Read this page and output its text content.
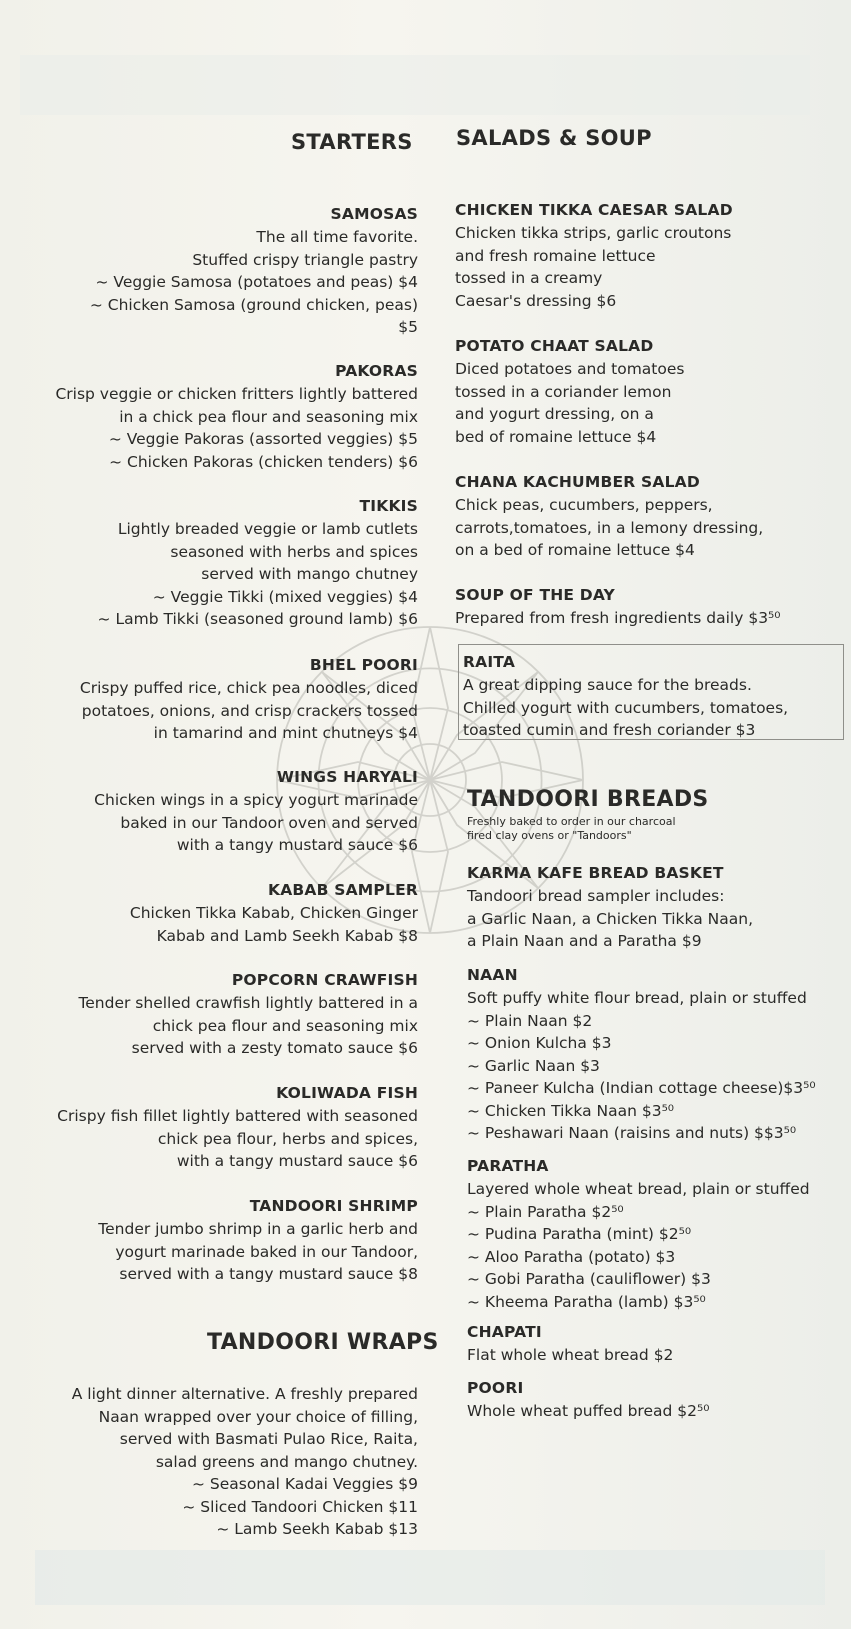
STARTERS SALADS & SOUP
SAMOSAS
The all time favorite.
Stuffed crispy triangle pastry
~ Veggie Samosa (potatoes and peas) $4
~ Chicken Samosa (ground chicken, peas)
$5
PAKORAS
Crisp veggie or chicken fritters lightly battered
in a chick pea flour and seasoning mix
~ Veggie Pakoras (assorted veggies) $5
~ Chicken Pakoras (chicken tenders) $6
TIKKIS
Lightly breaded veggie or lamb cutlets
seasoned with herbs and spices
served with mango chutney
~ Veggie Tikki (mixed veggies) $4
~ Lamb Tikki (seasoned ground lamb) $6
BHEL POORI
Crispy puffed rice, chick pea noodles, diced
potatoes, onions, and crisp crackers tossed
in tamarind and mint chutneys $4
WINGS HARYALI
Chicken wings in a spicy yogurt marinade
baked in our Tandoor oven and served
with a tangy mustard sauce $6
KABAB SAMPLER
Chicken Tikka Kabab, Chicken Ginger
Kabab and Lamb Seekh Kabab $8
POPCORN CRAWFISH
Tender shelled crawfish lightly battered in a
chick pea flour and seasoning mix
served with a zesty tomato sauce $6
KOLIWADA FISH
Crispy fish fillet lightly battered with seasoned
chick pea flour, herbs and spices,
with a tangy mustard sauce $6
TANDOORI SHRIMP
Tender jumbo shrimp in a garlic herb and
yogurt marinade baked in our Tandoor,
served with a tangy mustard sauce $8
TANDOORI WRAPS
A light dinner alternative. A freshly prepared
Naan wrapped over your choice of filling,
served with Basmati Pulao Rice, Raita,
salad greens and mango chutney.
~ Seasonal Kadai Veggies $9
~ Sliced Tandoori Chicken $11
~ Lamb Seekh Kabab $13
CHICKEN TIKKA CAESAR SALAD
Chicken tikka strips, garlic croutons
and fresh romaine lettuce
tossed in a creamy
Caesar's dressing $6
POTATO CHAAT SALAD
Diced potatoes and tomatoes
tossed in a coriander lemon
and yogurt dressing, on a
bed of romaine lettuce $4
CHANA KACHUMBER SALAD
Chick peas, cucumbers, peppers,
carrots,tomatoes, in a lemony dressing,
on a bed of romaine lettuce $4
SOUP OF THE DAY
Prepared from fresh ingredients daily $3⁵⁰
RAITA
A great dipping sauce for the breads.
Chilled yogurt with cucumbers, tomatoes,
toasted cumin and fresh coriander $3
TANDOORI BREADS
Freshly baked to order in our charcoal
fired clay ovens or "Tandoors"
KARMA KAFE BREAD BASKET
Tandoori bread sampler includes:
a Garlic Naan, a Chicken Tikka Naan,
a Plain Naan and a Paratha $9
NAAN
Soft puffy white flour bread, plain or stuffed
~ Plain Naan $2
~ Onion Kulcha $3
~ Garlic Naan $3
~ Paneer Kulcha (Indian cottage cheese)$3⁵⁰
~ Chicken Tikka Naan $3⁵⁰
~ Peshawari Naan (raisins and nuts) $$3⁵⁰
PARATHA
Layered whole wheat bread, plain or stuffed
~ Plain Paratha $2⁵⁰
~ Pudina Paratha (mint) $2⁵⁰
~ Aloo Paratha (potato) $3
~ Gobi Paratha (cauliflower) $3
~ Kheema Paratha (lamb) $3⁵⁰
CHAPATI
Flat whole wheat bread $2
POORI
Whole wheat puffed bread $2⁵⁰
